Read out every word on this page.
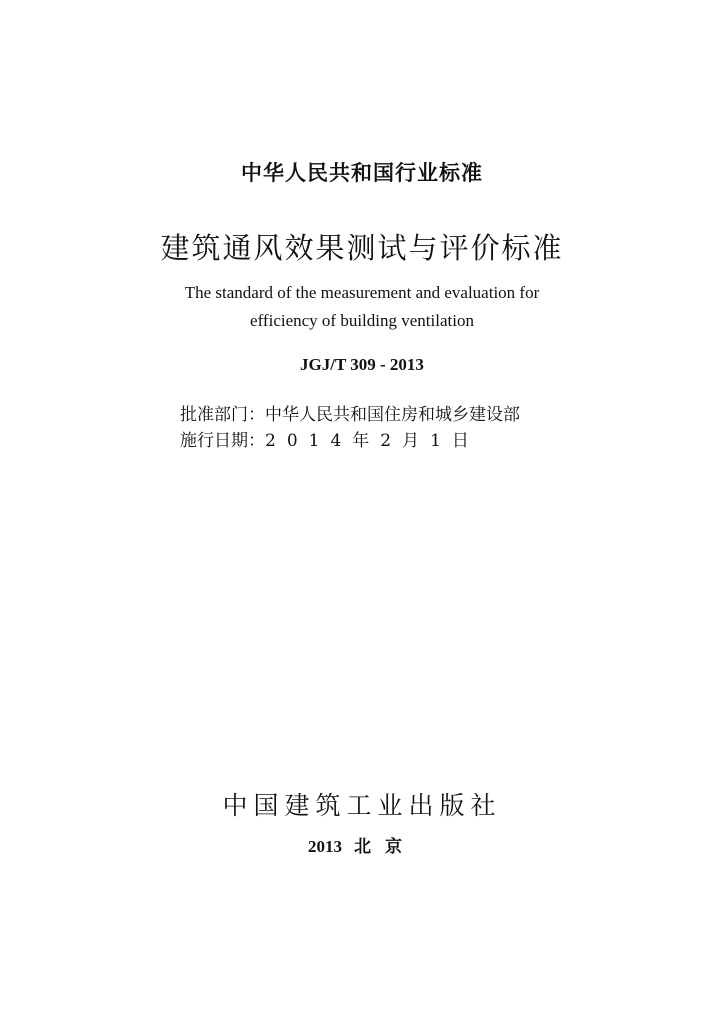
中华人民共和国行业标准
建筑通风效果测试与评价标准
The standard of the measurement and evaluation for
efficiency of building ventilation
JGJ/T 309 - 2013
批准部门：中华人民共和国住房和城乡建设部
施行日期：2014年2月1日
中国建筑工业出版社
2013 北京
